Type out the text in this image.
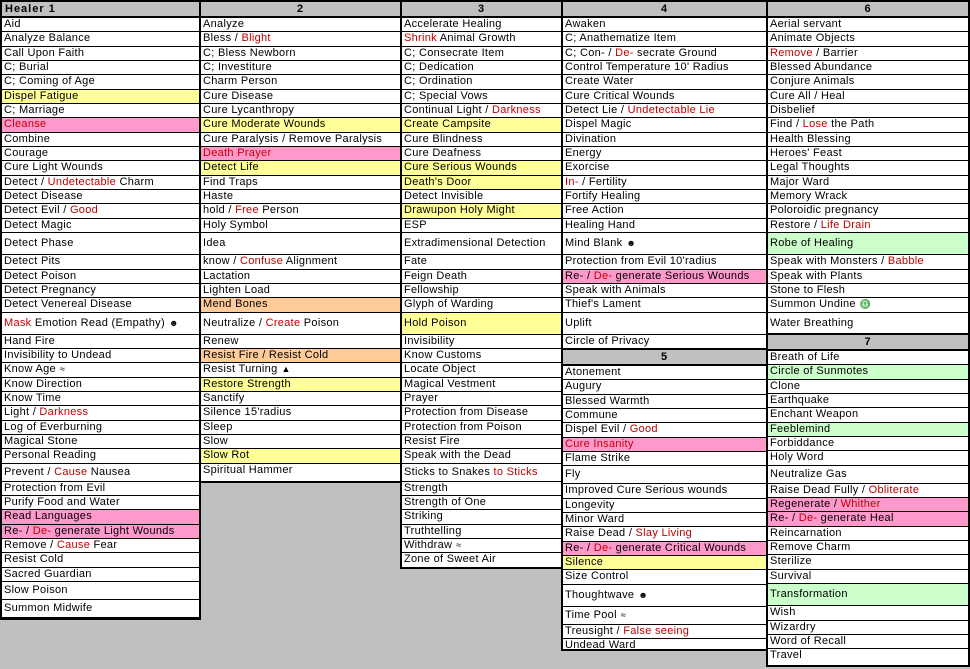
Healer 1
Aid
Analyze Balance
Call Upon Faith
C; Burial
C; Coming of Age
Dispel Fatigue
C; Marriage
Cleanse
Combine
Courage
Cure Light Wounds
Detect / Undetectable Charm
Detect Disease
Detect Evil / Good
Detect Magic
Detect Phase
Detect Pits
Detect Poison
Detect Pregnancy
Detect Venereal Disease
Mask Emotion Read (Empathy) ☻
Hand Fire
Invisibility to Undead
Know Age ≈
Know Direction
Know Time
Light / Darkness
Log of Everburning
Magical Stone
Personal Reading
Prevent / Cause Nausea
Protection from Evil
Purify Food and Water
Read Languages
Re- / De- generate Light Wounds
Remove / Cause Fear
Resist Cold
Sacred Guardian
Slow Poison
Summon Midwife
2
Analyze
Bless / Blight
C; Bless Newborn
C; Investiture
Charm Person
Cure Disease
Cure Lycanthropy
Cure Moderate Wounds
Cure Paralysis / Remove Paralysis
Death Prayer
Detect Life
Find Traps
Haste
hold / Free Person
Holy Symbol
Idea
know / Confuse Alignment
Lactation
Lighten Load
Mend Bones
Neutralize / Create Poison
Renew
Resist Fire / Resist Cold
Resist Turning ▲
Restore Strength
Sanctify
Silence 15'radius
Sleep
Slow
Slow Rot
Spiritual Hammer
3
Accelerate Healing
Shrink Animal Growth
C; Consecrate Item
C; Dedication
C; Ordination
C; Special Vows
Continual Light / Darkness
Create Campsite
Cure Blindness
Cure Deafness
Cure Serious Wounds
Death's Door
Detect Invisible
Drawupon Holy Might
ESP
Extradimensional Detection
Fate
Feign Death
Fellowship
Glyph of Warding
Hold Poison
Invisibility
Know Customs
Locate Object
Magical Vestment
Prayer
Protection from Disease
Protection from Poison
Resist Fire
Speak with the Dead
Sticks to Snakes to Sticks
Strength
Strength of One
Striking
Truthtelling
Withdraw ≈
Zone of Sweet Air
4
Awaken
C; Anathematize Item
C; Con- / De- secrate Ground
Control Temperature 10' Radius
Create Water
Cure Critical Wounds
Detect Lie / Undetectable Lie
Dispel Magic
Divination
Energy
Exorcise
In- / Fertility
Fortify Healing
Free Action
Healing Hand
Mind Blank ☻
Protection from Evil 10'radius
Re- / De- generate Serious Wounds
Speak with Animals
Thief's Lament
Uplift
Circle of Privacy
5
Atonement
Augury
Blessed Warmth
Commune
Dispel Evil / Good
Cure Insanity
Flame Strike
Fly
Improved Cure Serious wounds
Longevity
Minor Ward
Raise Dead / Slay Living
Re- / De- generate Critical Wounds
Silence
Size Control
Thoughtwave ☻
Time Pool ≈
Treusight / False seeing
Undead Ward
6
Aerial servant
Animate Objects
Remove / Barrier
Blessed Abundance
Conjure Animals
Cure All / Heal
Disbelief
Find / Lose the Path
Health Blessing
Heroes' Feast
Legal Thoughts
Major Ward
Memory Wrack
Poloroidic pregnancy
Restore / Life Drain
Robe of Healing
Speak with Monsters / Babble
Speak with Plants
Stone to Flesh
Summon Undine ♎
Water Breathing
7
Breath of Life
Circle of Sunmotes
Clone
Earthquake
Enchant Weapon
Feeblemind
Forbiddance
Holy Word
Neutralize Gas
Raise Dead Fully / Obliterate
Regenerate / Whither
Re- / De- generate Heal
Reincarnation
Remove Charm
Sterilize
Survival
Transformation
Wish
Wizardry
Word of Recall
Travel
